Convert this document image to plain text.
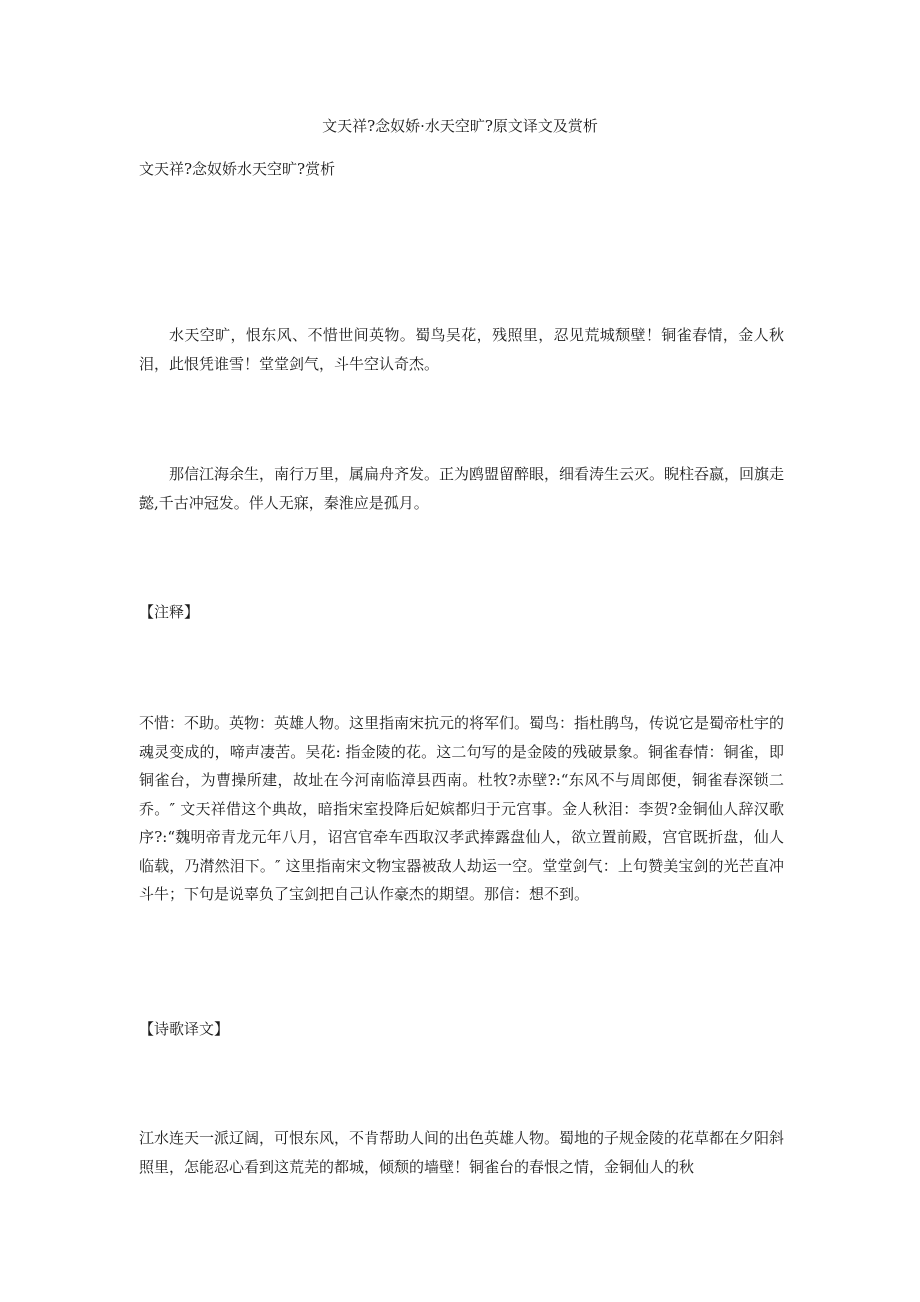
文天祥?念奴娇·水天空旷?原文译文及赏析
文天祥?念奴娇水天空旷?赏析

水天空旷，恨东风、不惜世间英物。蜀鸟吴花，残照里，忍见荒城颓壁！铜雀春情，金人秋泪，此恨凭谁雪！堂堂剑气，斗牛空认奇杰。

那信江海余生，南行万里，属扁舟齐发。正为鸥盟留醉眼，细看涛生云灭。睨柱吞嬴，回旗走懿,千古冲冠发。伴人无寐，秦淮应是孤月。

【注释】

不惜：不助。英物：英雄人物。这里指南宋抗元的将军们。蜀鸟：指杜鹃鸟，传说它是蜀帝杜宇的魂灵变成的，啼声凄苦。吴花: 指金陵的花。这二句写的是金陵的残破景象。铜雀春情：铜雀，即铜雀台，为曹操所建，故址在今河南临漳县西南。杜牧?赤壁?:“东风不与周郎便，铜雀春深锁二乔。″ 文天祥借这个典故，暗指宋室投降后妃嫔都归于元宫事。金人秋泪：李贺?金铜仙人辞汉歌序?:“魏明帝青龙元年八月，诏宫官牵车西取汉孝武捧露盘仙人，欲立置前殿，宫官既折盘，仙人临载，乃潸然泪下。″ 这里指南宋文物宝器被敌人劫运一空。堂堂剑气：上句赞美宝剑的光芒直冲斗牛；下句是说辜负了宝剑把自己认作豪杰的期望。那信：想不到。

【诗歌译文】

江水连天一派辽阔，可恨东风，不肯帮助人间的出色英雄人物。蜀地的子规金陵的花草都在夕阳斜照里，怎能忍心看到这荒芜的都城，倾颓的墙壁！铜雀台的春恨之情，金铜仙人的秋
